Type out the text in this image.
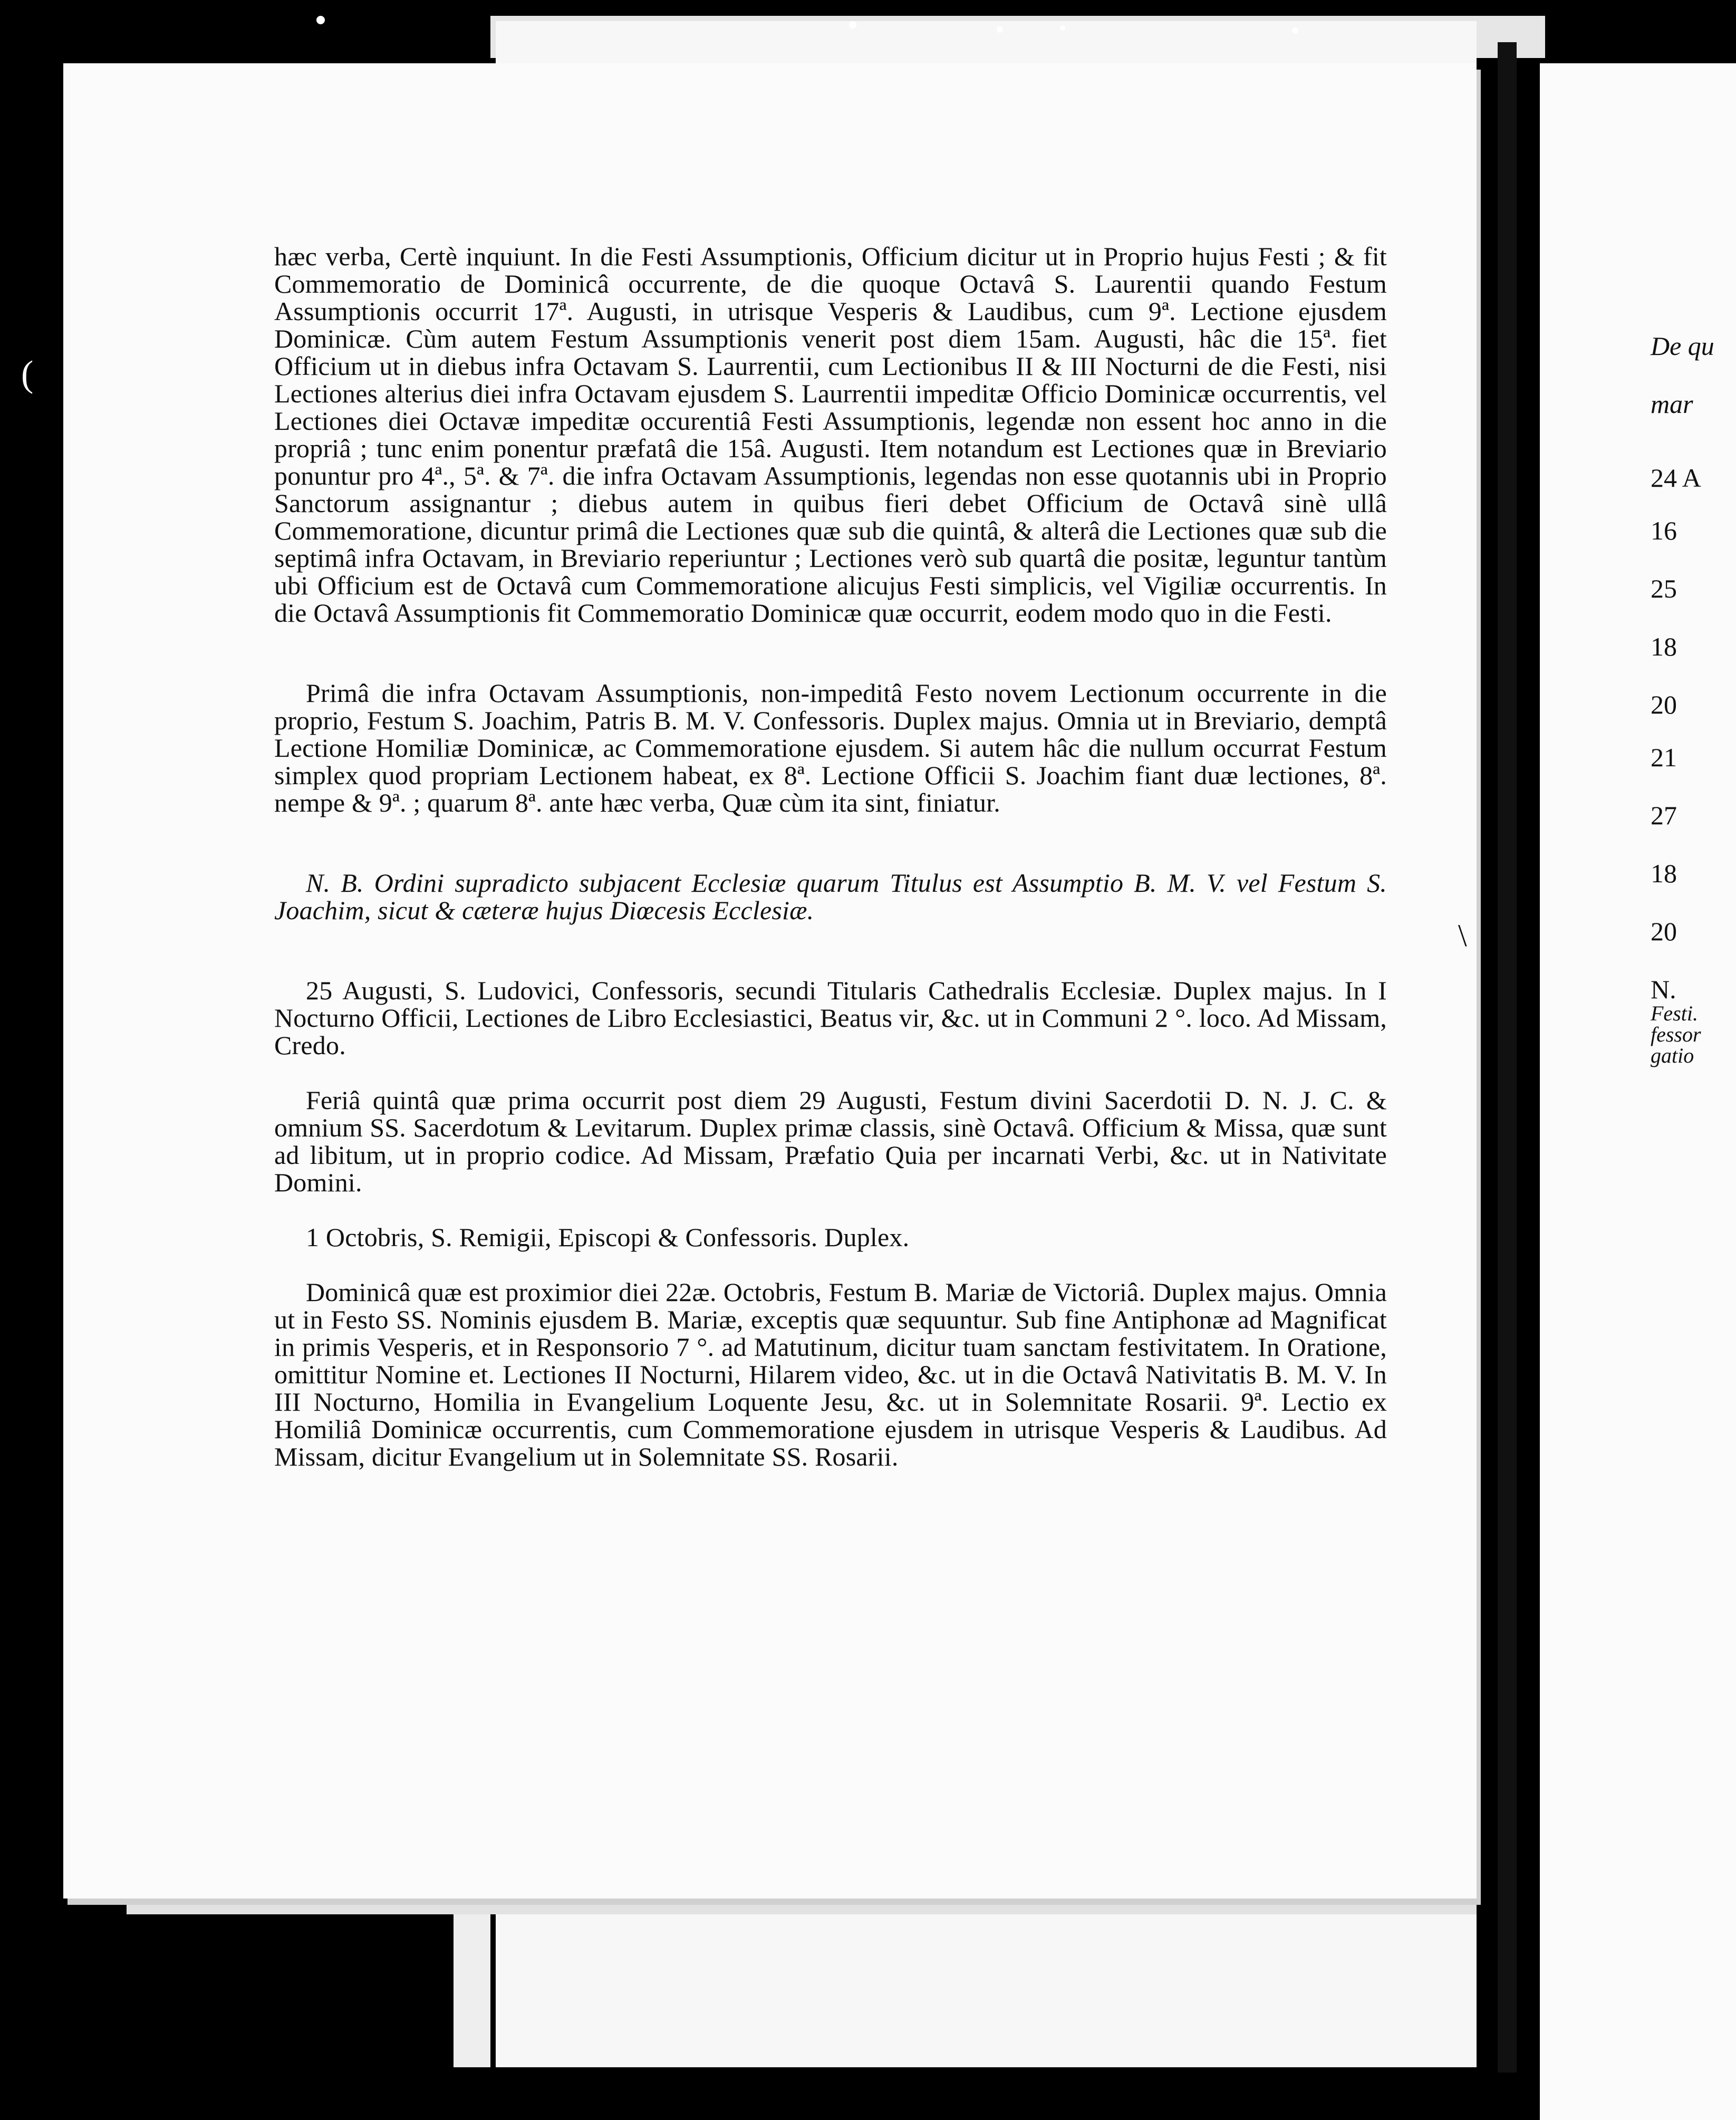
hæc verba, Certè inquiunt. In die Festi Assumptionis, Officium dicitur ut in Proprio hujus Festi ; & fit Commemoratio de Dominicâ occurrente, de die quoque Octavâ S. Laurentii quando Festum Assumptionis occurrit 17ª. Augusti, in utrisque Vesperis & Laudibus, cum 9ª. Lectione ejusdem Dominicæ. Cùm autem Festum Assumptionis venerit post diem 15am. Augusti, hâc die 15ª. fiet Officium ut in diebus infra Octavam S. Laurrentii, cum Lectionibus II & III Nocturni de die Festi, nisi Lectiones alterius diei infra Octavam ejusdem S. Laurrentii impeditæ Officio Dominicæ occurrentis, vel Lectiones diei Octavæ impeditæ occurentiâ Festi Assumptionis, legendæ non essent hoc anno in die propriâ ; tunc enim ponentur præfatâ die 15â. Augusti. Item notandum est Lectiones quæ in Breviario ponuntur pro 4ª., 5ª. & 7ª. die infra Octavam Assumptionis, legendas non esse quotannis ubi in Proprio Sanctorum assignantur ; diebus autem in quibus fieri debet Officium de Octavâ sinè ullâ Commemoratione, dicuntur primâ die Lectiones quæ sub die quintâ, & alterâ die Lectiones quæ sub die septimâ infra Octavam, in Breviario reperiuntur ; Lectiones verò sub quartâ die positæ, leguntur tantùm ubi Officium est de Octavâ cum Commemoratione alicujus Festi simplicis, vel Vigiliæ occurrentis. In die Octavâ Assumptionis fit Commemoratio Dominicæ quæ occurrit, eodem modo quo in die Festi.

Primâ die infra Octavam Assumptionis, non-impeditâ Festo novem Lectionum occurrente in die proprio, Festum S. Joachim, Patris B. M. V. Confessoris. Duplex majus. Omnia ut in Breviario, demptâ Lectione Homiliæ Dominicæ, ac Commemoratione ejusdem. Si autem hâc die nullum occurrat Festum simplex quod propriam Lectionem habeat, ex 8ª. Lectione Officii S. Joachim fiant duæ lectiones, 8ª. nempe & 9ª. ; quarum 8ª. ante hæc verba, Quæ cùm ita sint, finiatur.

N. B. Ordini supradicto subjacent Ecclesiæ quarum Titulus est Assumptio B. M. V. vel Festum S. Joachim, sicut & cæteræ hujus Diœcesis Ecclesiæ.

25 Augusti, S. Ludovici, Confessoris, secundi Titularis Cathedralis Ecclesiæ. Duplex majus. In I Nocturno Officii, Lectiones de Libro Ecclesiastici, Beatus vir, &c. ut in Communi 2 °. loco. Ad Missam, Credo.

Feriâ quintâ quæ prima occurrit post diem 29 Augusti, Festum divini Sacerdotii D. N. J. C. & omnium SS. Sacerdotum & Levitarum. Duplex primæ classis, sinè Octavâ. Officium & Missa, quæ sunt ad libitum, ut in proprio codice. Ad Missam, Præfatio Quia per incarnati Verbi, &c. ut in Nativitate Domini.

1 Octobris, S. Remigii, Episcopi & Confessoris. Duplex.

Dominicâ quæ est proximior diei 22æ. Octobris, Festum B. Mariæ de Victoriâ. Duplex majus. Omnia ut in Festo SS. Nominis ejusdem B. Mariæ, exceptis quæ sequuntur. Sub fine Antiphonæ ad Magnificat in primis Vesperis, et in Responsorio 7 °. ad Matutinum, dicitur tuam sanctam festivitatem. In Oratione, omittitur Nomine et. Lectiones II Nocturni, Hilarem video, &c. ut in die Octavâ Nativitatis B. M. V. In III Nocturno, Homilia in Evangelium Loquente Jesu, &c. ut in Solemnitate Rosarii. 9ª. Lectio ex Homiliâ Dominicæ occurrentis, cum Commemoratione ejusdem in utrisque Vesperis & Laudibus. Ad Missam, dicitur Evangelium ut in Solemnitate SS. Rosarii.

De qu
mar
24 A
16
25
18
20
21
27
18
20
N.
Festi.
fessor
gatio
\
(
